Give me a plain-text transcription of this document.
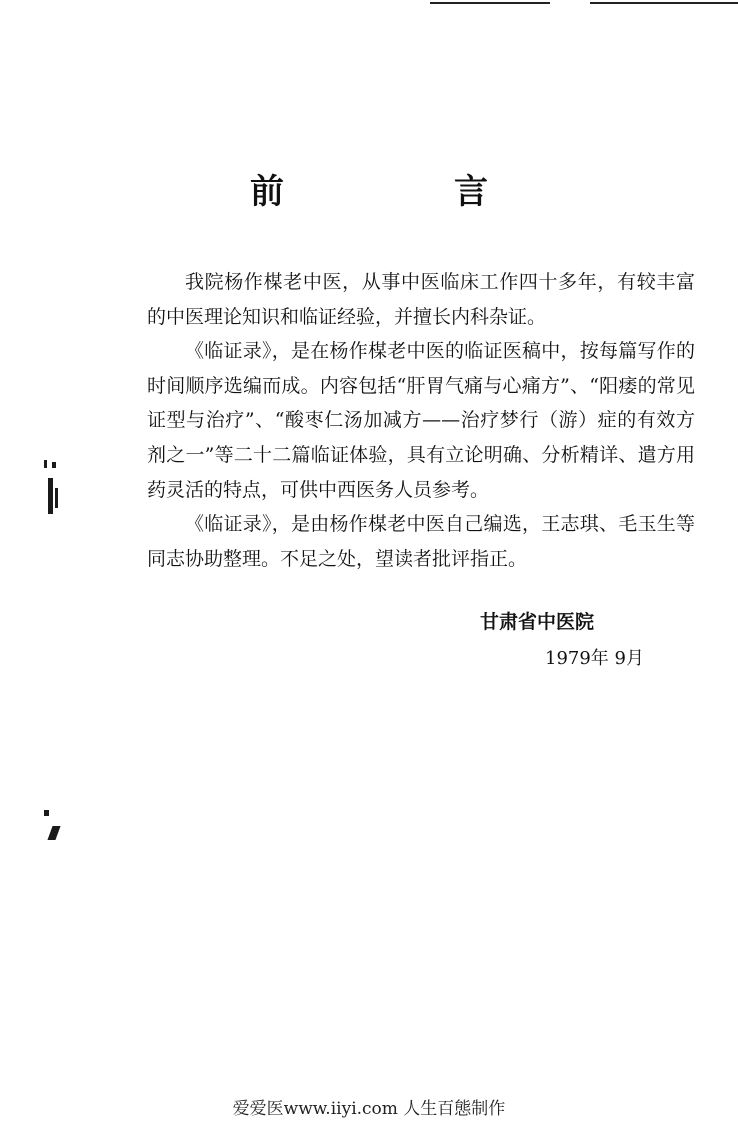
前　言

我院杨作楳老中医，从事中医临床工作四十多年，有较丰富的中医理论知识和临证经验，并擅长内科杂证。

《临证录》，是在杨作楳老中医的临证医稿中，按每篇写作的时间顺序选编而成。内容包括“肝胃气痛与心痛方”、“阳痿的常见证型与治疗”、“酸枣仁汤加减方——治疗梦行（游）症的有效方剂之一”等二十二篇临证体验，具有立论明确、分析精详、遣方用药灵活的特点，可供中西医务人员参考。

《临证录》，是由杨作楳老中医自己编选，王志琪、毛玉生等同志协助整理。不足之处，望读者批评指正。

甘肃省中医院
1979年 9月
爱爱医www.iiyi.com 人生百態制作
